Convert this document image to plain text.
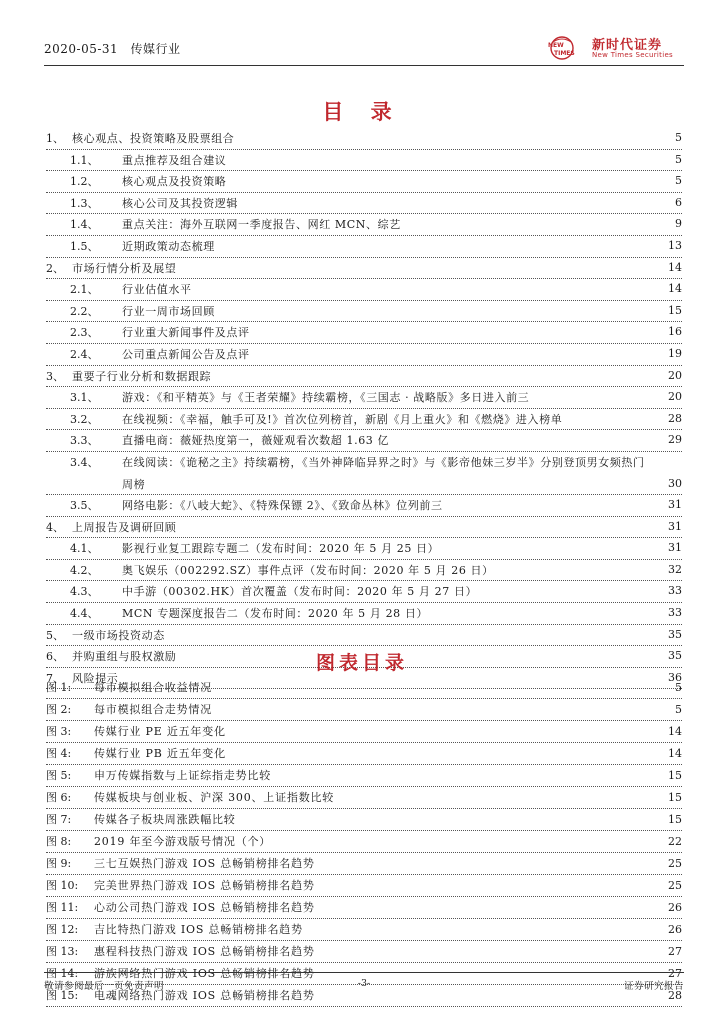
2020-05-31 传媒行业	NEW
TIMES
新时代证券
New Times Securities
目 录
1、 核心观点、投资策略及股票组合	5
1.1、	重点推荐及组合建议	5
1.2、	核心观点及投资策略	5
1.3、	核心公司及其投资逻辑	6
1.4、	重点关注：海外互联网一季度报告、网红 MCN、综艺	9
1.5、	近期政策动态梳理	13
2、 市场行情分析及展望	14
2.1、	行业估值水平	14
2.2、	行业一周市场回顾	15
2.3、	行业重大新闻事件及点评	16
2.4、	公司重点新闻公告及点评	19
3、 重要子行业分析和数据跟踪	20
3.1、	游戏：《和平精英》与《王者荣耀》持续霸榜，《三国志 · 战略版》多日进入前三	20
3.2、	在线视频：《幸福，触手可及!》首次位列榜首，新剧《月上重火》和《燃烧》进入榜单	28
3.3、	直播电商：薇娅热度第一，薇娅观看次数超 1.63 亿	29
3.4、	在线阅读：《诡秘之主》持续霸榜，《当外神降临异界之时》与《影帝他妹三岁半》分别登顶男女频热门周榜	30
3.5、	网络电影：《八岐大蛇》、《特殊保镖 2》、《致命丛林》位列前三	31
4、 上周报告及调研回顾	31
4.1、	影视行业复工跟踪专题二（发布时间：2020 年 5 月 25 日）	31
4.2、	奥飞娱乐（002292.SZ）事件点评（发布时间：2020 年 5 月 26 日）	32
4.3、	中手游（00302.HK）首次覆盖（发布时间：2020 年 5 月 27 日）	33
4.4、	MCN 专题深度报告二（发布时间：2020 年 5 月 28 日）	33
5、 一级市场投资动态	35
6、 并购重组与股权激励	35
7、 风险提示	36
图表目录
图 1:	每市模拟组合收益情况	5
图 2:	每市模拟组合走势情况	5
图 3:	传媒行业 PE 近五年变化	14
图 4:	传媒行业 PB 近五年变化	14
图 5:	申万传媒指数与上证综指走势比较	15
图 6:	传媒板块与创业板、沪深 300、上证指数比较	15
图 7:	传媒各子板块周涨跌幅比较	15
图 8:	2019 年至今游戏版号情况（个）	22
图 9:	三七互娱热门游戏 IOS 总畅销榜排名趋势	25
图 10:	完美世界热门游戏 IOS 总畅销榜排名趋势	25
图 11:	心动公司热门游戏 IOS 总畅销榜排名趋势	26
图 12:	吉比特热门游戏 IOS 总畅销榜排名趋势	26
图 13:	惠程科技热门游戏 IOS 总畅销榜排名趋势	27
图 14:	游族网络热门游戏 IOS 总畅销榜排名趋势	27
图 15:	电魂网络热门游戏 IOS 总畅销榜排名趋势	28
敬请参阅最后一页免责声明	-3-	证券研究报告
